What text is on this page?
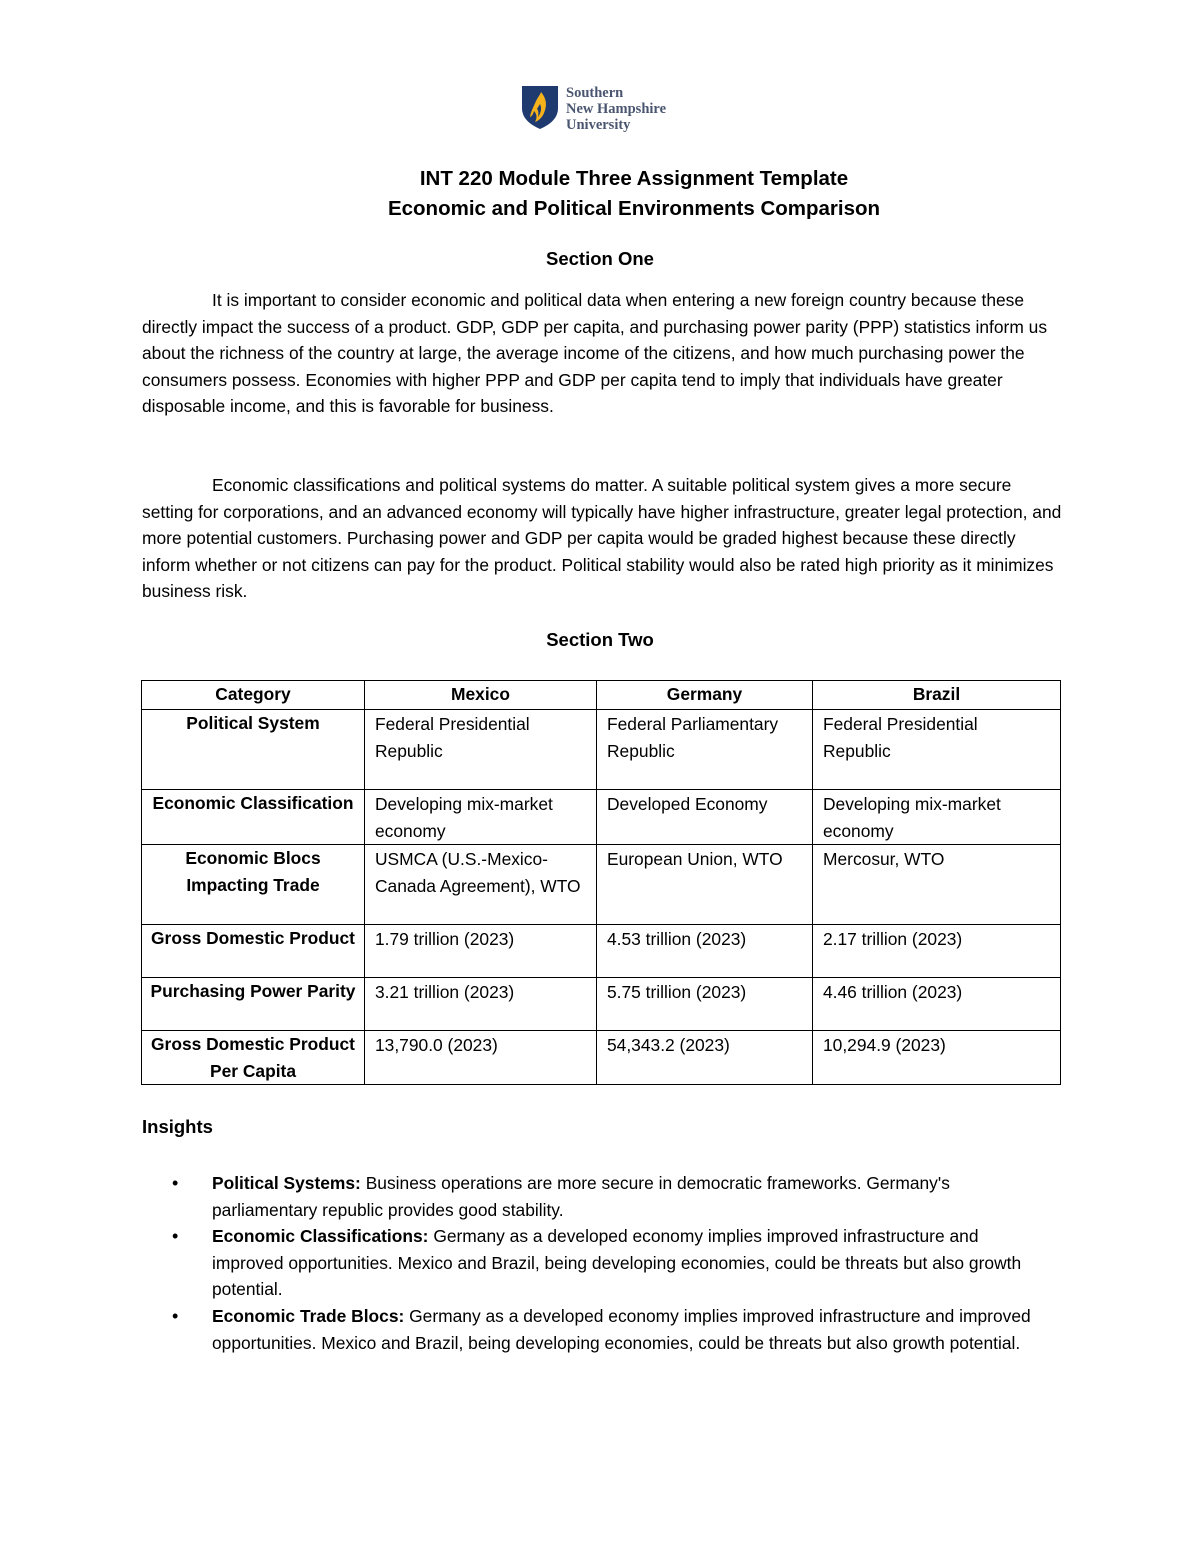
Southern
New Hampshire
University
INT 220 Module Three Assignment Template
Economic and Political Environments Comparison
Section One
It is important to consider economic and political data when entering a new foreign country because these directly impact the success of a product. GDP, GDP per capita, and purchasing power parity (PPP) statistics inform us about the richness of the country at large, the average income of the citizens, and how much purchasing power the consumers possess. Economies with higher PPP and GDP per capita tend to imply that individuals have greater disposable income, and this is favorable for business.
Economic classifications and political systems do matter. A suitable political system gives a more secure setting for corporations, and an advanced economy will typically have higher infrastructure, greater legal protection, and more potential customers. Purchasing power and GDP per capita would be graded highest because these directly inform whether or not citizens can pay for the product. Political stability would also be rated high priority as it minimizes business risk.
Section Two
Category	Mexico	Germany	Brazil
Political System	Federal Presidential Republic	Federal Parliamentary Republic	Federal Presidential Republic
Economic Classification	Developing mix-market economy	Developed Economy	Developing mix-market economy
Economic Blocs Impacting Trade	USMCA (U.S.-Mexico-Canada Agreement), WTO	European Union, WTO	Mercosur, WTO
Gross Domestic Product	1.79 trillion (2023)	4.53 trillion (2023)	2.17 trillion (2023)
Purchasing Power Parity	3.21 trillion (2023)	5.75 trillion (2023)	4.46 trillion (2023)
Gross Domestic Product Per Capita	13,790.0 (2023)	54,343.2 (2023)	10,294.9 (2023)
Insights
• Political Systems: Business operations are more secure in democratic frameworks. Germany's parliamentary republic provides good stability.
• Economic Classifications: Germany as a developed economy implies improved infrastructure and improved opportunities. Mexico and Brazil, being developing economies, could be threats but also growth potential.
• Economic Trade Blocs: Germany as a developed economy implies improved infrastructure and improved opportunities. Mexico and Brazil, being developing economies, could be threats but also growth potential.
